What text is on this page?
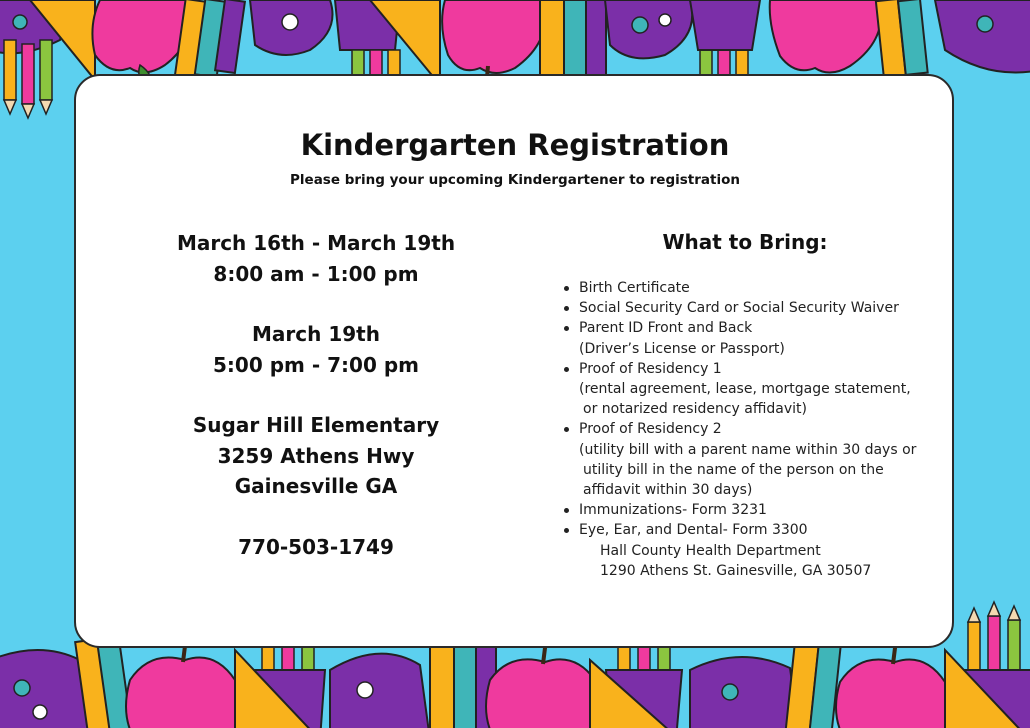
Kindergarten Registration
Please bring your upcoming Kindergartener to registration
March 16th - March 19th
8:00 am - 1:00 pm
March 19th
5:00 pm - 7:00 pm
Sugar Hill Elementary
3259 Athens Hwy
Gainesville GA
770-503-1749
What to Bring:
Birth Certificate
Social Security Card or Social Security Waiver
Parent ID Front and Back
(Driver’s License or Passport)
Proof of Residency 1
(rental agreement, lease, mortgage statement,
or notarized residency affidavit)
Proof of Residency 2
(utility bill with a parent name within 30 days or
utility bill in the name of the person on the
affidavit within 30 days)
Immunizations- Form 3231
Eye, Ear, and Dental- Form 3300
Hall County Health Department
1290 Athens St. Gainesville, GA 30507
